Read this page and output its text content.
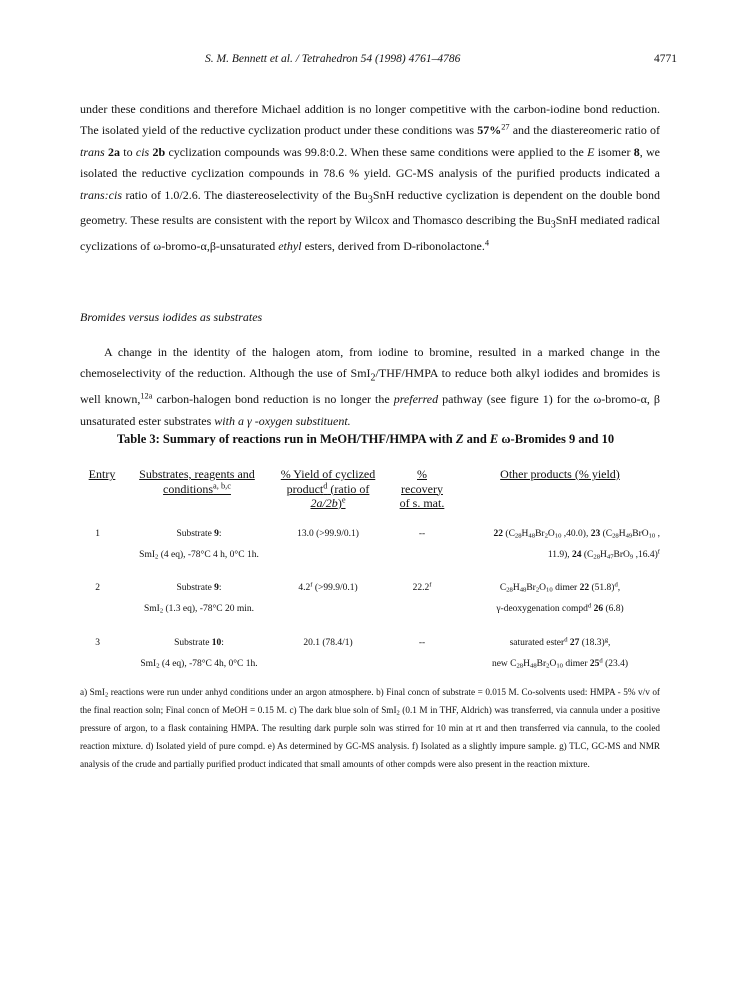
S. M. Bennett et al. / Tetrahedron 54 (1998) 4761–4786	4771

under these conditions and therefore Michael addition is no longer competitive with the carbon-iodine bond reduction. The isolated yield of the reductive cyclization product under these conditions was 57%$^{27}$ and the diastereomeric ratio of trans 2a to cis 2b cyclization compounds was 99.8:0.2. When these same conditions were applied to the E isomer 8, we isolated the reductive cyclization compounds in 78.6 % yield. GC-MS analysis of the purified products indicated a trans:cis ratio of 1.0/2.6. The diastereoselectivity of the $Bu_3SnH$ reductive cyclization is dependent on the double bond geometry. These results are consistent with the report by Wilcox and Thomasco describing the $Bu_3SnH$ mediated radical cyclizations of ω-bromo-α,β-unsaturated ethyl esters, derived from D-ribonolactone.$^4$

Bromides versus iodides as substrates

A change in the identity of the halogen atom, from iodine to bromine, resulted in a marked change in the chemoselectivity of the reduction. Although the use of SmI$_2$/THF/HMPA to reduce both alkyl iodides and bromides is well known,$^{12a}$ carbon-halogen bond reduction is no longer the preferred pathway (see figure 1) for the ω-bromo-α, β unsaturated ester substrates with a γ -oxygen substituent.

Table 3: Summary of reactions run in MeOH/THF/HMPA with Z and E ω-Bromides 9 and 10
Entry	Substrates, reagents and
conditions$^{a, b,c}$
% Yield of cyclized
product$^d$ (ratio of
2a/2b)$^e$
%
recovery
of s. mat.
Other products (% yield)
1	Substrate 9:
SmI$_2$ (4 eq), -78°C 4 h, 0°C 1h.
13.0 (>99.9/0.1)	--	22 ($C_{28}H_{48}Br_2O_{10}$ ,40.0), 23 ($C_{28}H_{49}BrO_{10}$ ,
11.9), 24 ($C_{28}H_{47}BrO_9$ ,16.4)$^f$
2	Substrate 9:
SmI$_2$ (1.3 eq), -78°C 20 min.
4.2$^f$ (>99.9/0.1)	22.2$^f$	$C_{28}H_{48}Br_2O_{10}$ dimer 22 $(51.8)^d$,
γ-deoxygenation compd$^d$ 26 (6.8)
3	Substrate 10:
SmI$_2$ (4 eq), -78°C 4h, 0°C 1h.
20.1 (78.4/1)	--	saturated ester$^d$ 27 $(18.3)^g$,
new $C_{28}H_{48}Br_2O_{10}$ dimer 25$^d$ (23.4)
a) SmI$_2$ reactions were run under anhyd conditions under an argon atmosphere. b) Final concn of substrate = 0.015 M. Co-solvents used: HMPA - 5% v/v of the final reaction soln; Final concn of MeOH = 0.15 M. c) The dark blue soln of SmI$_2$ (0.1 M in THF, Aldrich) was transferred, via cannula under a positive pressure of argon, to a flask containing HMPA. The resulting dark purple soln was stirred for 10 min at rt and then transferred via cannula, to the cooled reaction mixture. d) Isolated yield of pure compd. e) As determined by GC-MS analysis. f) Isolated as a slightly impure sample. g) TLC, GC-MS and NMR analysis of the crude and partially purified product indicated that small amounts of other compds were also present in the reaction mixture.
